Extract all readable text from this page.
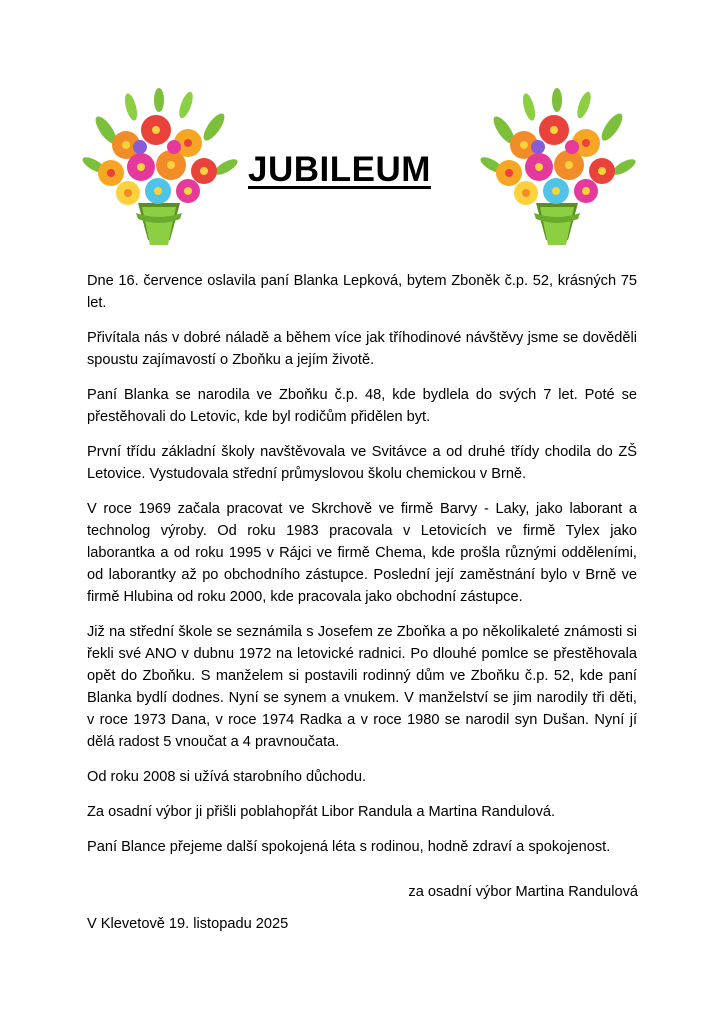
JUBILEUM

Dne 16. července oslavila paní Blanka Lepková, bytem Zboněk č.p. 52, krásných 75 let.

Přivítala nás v dobré náladě a během více jak tříhodinové návštěvy jsme se dověděli spoustu zajímavostí o Zboňku a jejím životě.

Paní Blanka se narodila ve Zboňku č.p. 48, kde bydlela do svých 7 let. Poté se přestěhovali do Letovic, kde byl rodičům přidělen byt.

První třídu základní školy navštěvovala ve Svitávce a od druhé třídy chodila do ZŠ Letovice. Vystudovala střední průmyslovou školu chemickou v Brně.

V roce 1969 začala pracovat ve Skrchově ve firmě Barvy - Laky, jako laborant a technolog výroby. Od roku 1983 pracovala v Letovicích ve firmě Tylex jako laborantka a od roku 1995 v Rájci ve firmě Chema, kde prošla různými odděleními, od laborantky až po obchodního zástupce. Poslední její zaměstnání bylo v Brně ve firmě Hlubina od roku 2000, kde pracovala jako obchodní zástupce.

Již na střední škole se seznámila s Josefem ze Zboňka a po několikaleté známosti si řekli své ANO v dubnu 1972 na letovické radnici. Po dlouhé pomlce se přestěhovala opět do Zboňku. S manželem si postavili rodinný dům ve Zboňku č.p. 52, kde paní Blanka bydlí dodnes. Nyní se synem a vnukem. V manželství se jim narodily tři děti, v roce 1973 Dana, v roce 1974 Radka a v roce 1980 se narodil syn Dušan. Nyní jí dělá radost 5 vnoučat a 4 pravnoučata.

Od roku 2008 si užívá starobního důchodu.

Za osadní výbor ji přišli poblahopřát Libor Randula a Martina Randulová.

Paní Blance přejeme další spokojená léta s rodinou, hodně zdraví a spokojenost.

za osadní výbor Martina Randulová
V Klevetově 19. listopadu 2025
